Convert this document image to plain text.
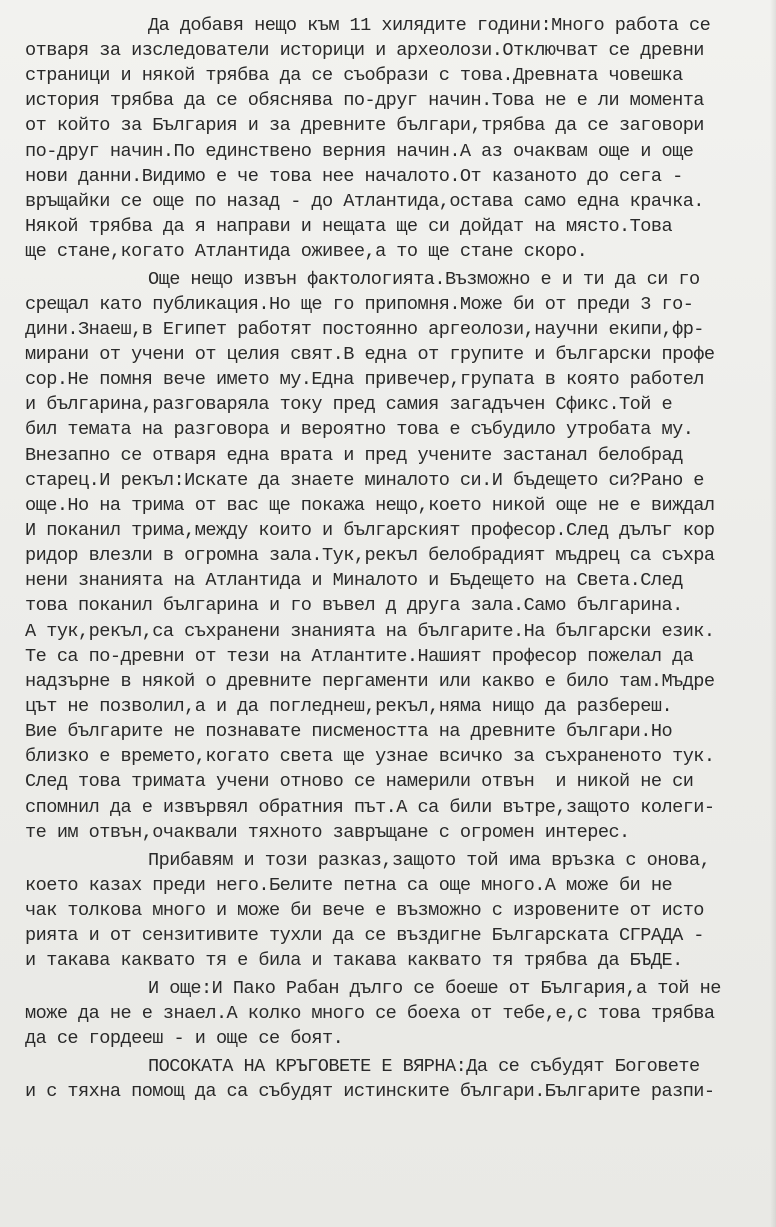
Да добавя нещо към 11 хилядите години:Много работа се
отваря за изследователи историци и археолози.Отключват се древни
страници и някой трябва да се съобрази с това.Древната човешка
история трябва да се обяснява по-друг начин.Това не е ли момента
от който за България и за древните българи,трябва да се заговори
по-друг начин.По единствено верния начин.А аз очаквам още и още
нови данни.Видимо е че това нее началото.От казаното до сега -
връщайки се още по назад - до Атлантида,остава само една крачка.
Някой трябва да я направи и нещата ще си дойдат на място.Това
ще стане,когато Атлантида оживее,а то ще стане скоро.
Още нещо извън фактологията.Възможно е и ти да си го
срещал като публикация.Но ще го припомня.Може би от преди 3 го-
дини.Знаеш,в Египет работят постоянно аргеолози,научни екипи,фр-
мирани от учени от целия свят.В една от групите и български профе
сор.Не помня вече името му.Една привечер,групата в която работел
и българина,разговаряла току пред самия загадъчен Сфикс.Той е
бил темата на разговора и вероятно това е събудило утробата му.
Внезапно се отваря една врата и пред учените застанал белобрад
старец.И рекъл:Искате да знаете миналото си.И бъдещето си?Рано е
още.Но на трима от вас ще покажа нещо,което никой още не е виждал
И поканил трима,между които и българският професор.След дълъг кор
ридор влезли в огромна зала.Тук,рекъл белобрадият мъдрец са съхра
нени знанията на Атлантида и Миналото и Бъдещето на Света.След
това поканил българина и го въвел д друга зала.Само българина.
А тук,рекъл,са съхранени знанията на българите.На български език.
Те са по-древни от тези на Атлантите.Нашият професор пожелал да
надзърне в някой о древните пергаменти или какво е било там.Мъдре
цът не позволил,а и да погледнеш,рекъл,няма нищо да разбереш.
Вие българите не познавате писмеността на древните българи.Но
близко е времето,когато света ще узнае всичко за съхраненото тук.
След това тримата учени отново се намерили отвън  и никой не си
спомнил да е извървял обратния път.А са били вътре,защото колеги-
те им отвън,очаквали тяхното завръщане с огромен интерес.
Прибавям и този разказ,защото той има връзка с онова,
което казах преди него.Белите петна са още много.А може би не
чак толкова много и може би вече е възможно с изровените от исто
рията и от сензитивите тухли да се въздигне Българската СГРАДА -
и такава каквато тя е била и такава каквато тя трябва да БЪДЕ.
И още:И Пако Рабан дълго се боеше от България,а той не
може да не е знаел.А колко много се боеха от тебе,е,с това трябва
да се гордееш - и още се боят.
ПОСОКАТА НА КРЪГОВЕТЕ Е ВЯРНА:Да се събудят Боговете
и с тяхна помощ да са събудят истинските българи.Българите разпи-
